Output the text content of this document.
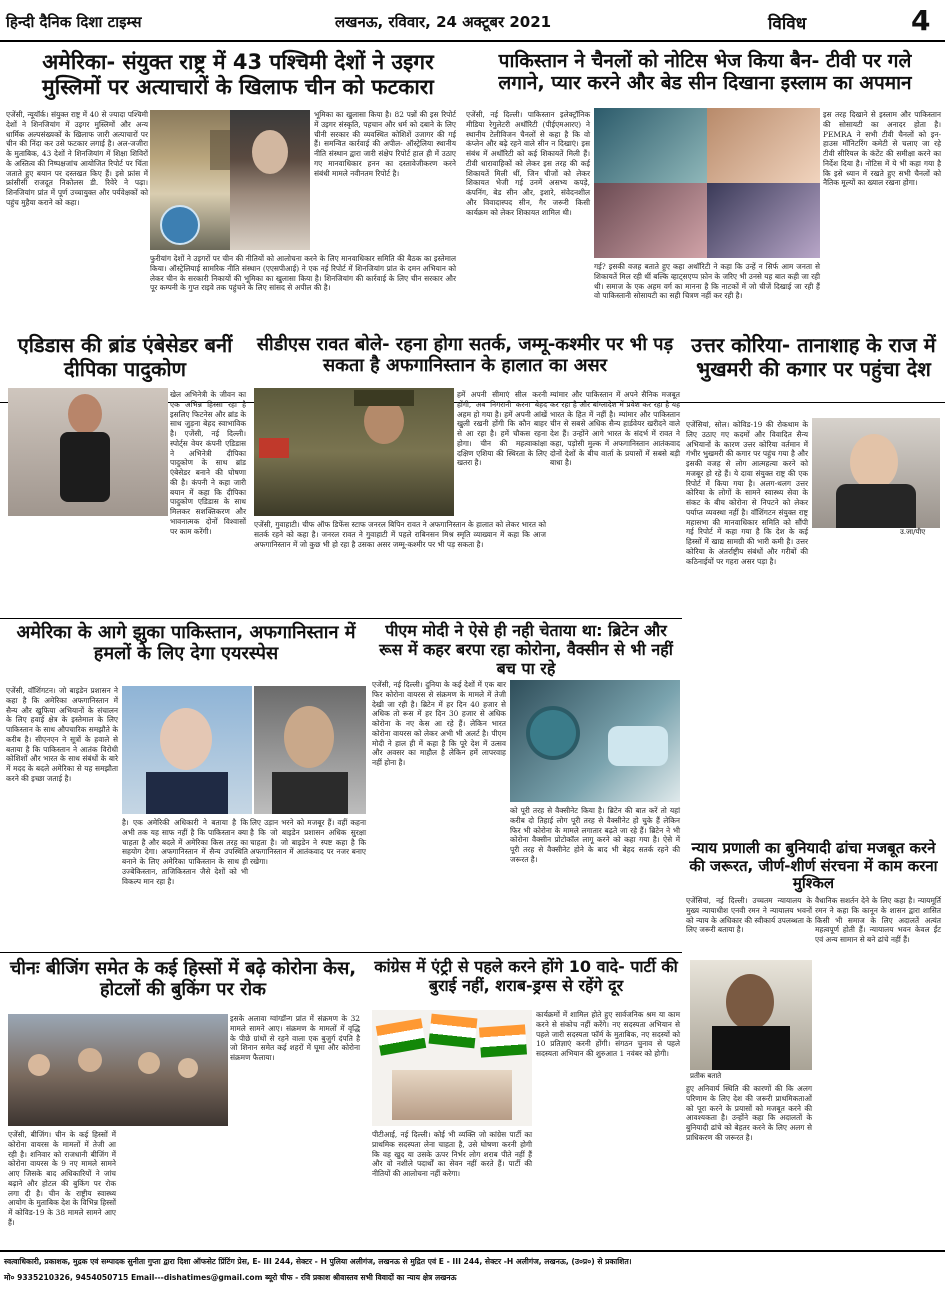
हिन्दी दैनिक दिशा टाइम्स	लखनऊ, रविवार, 24 अक्टूबर 2021	विविध	4
अमेरिका- संयुक्त राष्ट्र में 43 पश्चिमी देशों ने उइगर मुस्लिमों पर अत्याचारों के खिलाफ चीन को फटकारा
एजेंसी, न्यूयॉर्क। संयुक्त राष्ट्र में 40 से ज्यादा पश्चिमी देशों ने शिनजियांग में उइगर मुस्लिमों और अन्य धार्मिक अल्पसंख्यकों के खिलाफ जारी अत्याचारों पर चीन की निंदा कर उसे फटकार लगाई है। अल-जजीरा के मुताबिक, 43 देशों ने शिनजियांग में शिक्षा शिविरों के अस्तित्व की निष्पक्षजांच आयोजित रिपोर्ट पर चिंता जताते हुए बयान पर दस्तखत किए हैं। इसे फ्रांस में फ्रांसीसी राजदूत निकोलस डी. रिवेरे ने पढ़ा। शिनजियांग प्रांत में पूर्ण उच्चायुक्त और पर्यवेक्षकों को पहुंच मुहैया कराने को कहा।
भूमिका का खुलासा किया है। 82 पन्नों की इस रिपोर्ट में उइगर संस्कृति, पहचान और धर्म को दबाने के लिए चीनी सरकार की व्यवस्थित कोशिशें उजागर की गई हैं। समन्वित कार्रवाई की अपील- ऑस्ट्रेलिया स्थानीय नीति संस्थान द्वारा जारी संक्षेप रिपोर्ट हाल ही में उठाए गए मानवाधिकार हनन का दस्तावेजीकरण करने संबंधी मामले नवीनतम रिपोर्ट है।
फुरीयांग देशों ने उइगरों पर चीन की नीतियों को आलोचना करने के लिए मानवाधिकार समिति की बैठक का इस्तेमाल किया। ऑस्ट्रेलियाई सामरिक नीति संस्थान (एएसपीआई) ने एक नई रिपोर्ट में शिनजियांग प्रांत के दमन अभियान को लेकर चीन के सरकारी निकायों की भूमिका का खुलासा किया है। शिनजियांग की कार्रवाई के लिए चीन सरकार और पूर कम्पनी के गुप्त राइवे तक पहुंचने के लिए सांसद से अपील की है।
पाकिस्तान ने चैनलों को नोटिस भेज किया बैन- टीवी पर गले लगाने, प्यार करने और बेड सीन दिखाना इस्लाम का अपमान
एजेंसी, नई दिल्ली। पाकिस्तान इलेक्ट्रॉनिक मीडिया रेगुलेटरी अथॉरिटी (पीईएमआरए) ने स्थानीय टेलीविजन चैनलों से कहा है कि वो कंप्लेन और बढ़े रहने वाले सीन न दिखाएं। इस संबंध में अथॉरिटी को कई शिकायतें मिली हैं। टीवी धारावाहिकों को लेकर इस तरह की कई शिकायतें मिली थीं, जिन चीजों को लेकर शिकायत भेजी गई उनमें असभ्य कपड़े, कंपनिंग, बेड सीन और, इशारे, संवेदनशील और विवादास्पद सीन, गैर जरूरी किसी कार्यक्रम को लेकर शिकायत शामिल थी।
गई? इसकी वजह बताते हुए कहा अथॉरिटी ने कहा कि उन्हें न सिर्फ आम जनता से शिकायतें मिल रही थीं बल्कि व्हाट्सएप्प फ़ोन के जरिए भी उनसे यह बात कही जा रही थी। समाज के एक अहम वर्ग का मानना है कि नाटकों में जो चीजें दिखाई जा रही हैं वो पाकिस्तानी सोसायटी का सही चित्रण नहीं कर रही है।
इस तरह दिखाने से इस्लाम और पाकिस्तान की सोसायटी का अनादर होता है। PEMRA ने सभी टीवी चैनलों को इन-हाउस मॉनिटरिंग कमेटी से चलाए जा रहे टीवी सीरियल के कंटेंट की समीक्षा करने का निर्देश दिया है। नोटिस में ये भी कहा गया है कि इसे ध्यान में रखते हुए सभी चैनलों को नैतिक मूल्यों का ख्याल रखना होगा।
एडिडास की ब्रांड एंबेसेडर बनीं दीपिका पादुकोण
खेल अभिनेत्री के जीवन का एक अभिन्न हिस्सा रहा है इसलिए फिटनेस और ब्रांड के साथ जुड़ना बेहद स्वाभाविक है। एजेंसी, नई दिल्ली। स्पोर्ट्स वेयर कंपनी एडिडास ने अभिनेत्री दीपिका पादुकोण के साथ ब्रांड एंबेसेडर बनाने की घोषणा की है। कंपनी ने कहा जारी बयान में कहा कि दीपिका पादुकोण एडिडास के साथ मिलकर सशक्तिकरण और भावनात्मक दोनों विश्वासों पर काम करेंगी।
सीडीएस रावत बोले- रहना होगा सतर्क, जम्मू-कश्मीर पर भी पड़ सकता है अफगानिस्तान के हालात का असर
हमें अपनी सीमाएं सील करनी होंगी, अब निगरानी करना बेहद अहम हो गया है। हमें अपनी आंखें खुली रखनी होंगी कि कौन बाहर से आ रहा है। हमें चौकस रहना होगा। चीन की महत्वाकांक्षा दक्षिण एशिया की स्थिरता के लिए खतरा है।
म्यांमार और पाकिस्तान में अपने सैनिक मजबूत कर रहा है और बांग्लादेश में प्रवेश कर रहा है यह भारत के हित में नहीं है। म्यांमार और पाकिस्तान चीन से सबसे अधिक सैन्य हार्डवेयर खरीदने वाले देश हैं। उन्होंने आगे भारत के संदर्भ में रावत ने कहा, पड़ोसी मुल्क में अफगानिस्तान आतंकवाद दोनों देशों के बीच वार्ता के प्रयासों में सबसे बड़ी बाधा है।
एजेंसी, गुवाहाटी। चीफ ऑफ डिफेंस स्टाफ जनरल बिपिन रावत ने अफगानिस्तान के हालात को लेकर भारत को सतर्क रहने को कहा है। जनरल रावत ने गुवाहाटी में पहले राबिनसन मिश्र स्मृति व्याख्यान में कहा कि आज अफगानिस्तान में जो कुछ भी हो रहा है उसका असर जम्मू-कश्मीर पर भी पड़ सकता है।
उत्तर कोरिया- तानाशाह के राज में भुखमरी की कगार पर पहुंचा देश
उ.जा/पीए
एजेंसियां, सोल। कोविड-19 की रोकथाम के लिए उठाए गए कदमों और विवादित सैन्य अभियानों के कारण उत्तर कोरिया वर्तमान में गंभीर भुखमरी की कगार पर पहुंच गया है और इसकी वजह से लोग आत्महत्या करने को मजबूर हो रहे हैं। ये दावा संयुक्त राष्ट्र की एक रिपोर्ट में किया गया है। अलग-थलग उत्तर कोरिया के लोगों के सामने स्वास्थ्य सेवा के संकट के बीच कोरोना से निपटने को लेकर पर्याप्त व्यवस्था नहीं है। वॉशिंगटन संयुक्त राष्ट्र महासभा की मानवाधिकार समिति को सौंपी गई रिपोर्ट में कहा गया है कि देश के कई हिस्सों में खाद्य सामग्री की भारी कमी है। उत्तर कोरिया के अंतर्राष्ट्रीय संबंधों और गरीबों की कठिनाईयों पर गहरा असर पड़ा है।
अमेरिका के आगे झुका पाकिस्तान, अफगानिस्तान में हमलों के लिए देगा एयरस्पेस
एजेंसी, वॉशिंगटन। जो बाइडेन प्रशासन ने कहा है कि अमेरिका अफगानिस्तान में सैन्य और खुफिया अभियानों के संचालन के लिए हवाई क्षेत्र के इस्तेमाल के लिए पाकिस्तान के साथ औपचारिक समझौते के करीब है। सीएनएन ने सूत्रों के हवाले से बताया है कि पाकिस्तान ने आतंक विरोधी कोशिशों और भारत के साथ संबंधों के बारे में मदद के बदले अमेरिका से यह समझौता करने की इच्छा जताई है।
है। एक अमेरिकी अधिकारी ने बताया है कि अभी तक यह साफ नहीं है कि पाकिस्तान क्या चाहता है और बदले में अमेरिका किस तरह का सहयोग देगा। अफगानिस्तान में सैन्य उपस्थिति बनाने के लिए अमेरिका पाकिस्तान के साथ ही उज्बेकिस्तान, ताजिकिस्तान जैसे देशों को भी विकल्प मान रहा है।
लिए उड़ान भरने को मजबूर हैं। वहीं कहना है कि जो बाइडेन प्रशासन अधिक सुरक्षा चाहता है। जो बाइडेन ने स्पष्ट कहा है कि अफगानिस्तान में आतंकवाद पर नजर बनाए रखेगा।
पीएम मोदी ने ऐसे ही नही चेताया था: ब्रिटेन और रूस में कहर बरपा रहा कोरोना, वैक्सीन से भी नहीं बच पा रहे
एजेंसी, नई दिल्ली। दुनिया के कई देशों में एक बार फिर कोरोना वायरस से संक्रमण के मामले में तेजी देखी जा रही है। ब्रिटेन में हर दिन 40 हजार से अधिक तो रूस में हर दिन 30 हजार से अधिक कोरोना के नए केस आ रहे हैं। लेकिन भारत कोरोना वायरस को लेकर अभी भी अलर्ट है। पीएम मोदी ने हाल ही में कहा है कि पूरे देश में उत्सव और अवसर का माहौल है लेकिन हमें लापरवाह नहीं होना है।
को पूरी तरह से वैक्सीनेट किया है। ब्रिटेन की बात करें तो यहां करीब दो तिहाई लोग पूरी तरह से वैक्सीनेट हो चुके हैं लेकिन फिर भी कोरोना के मामले लगातार बढ़ते जा रहे हैं। ब्रिटेन ने भी कोरोना वैक्सीन प्रोटोकॉल लागू करने को कहा गया है। ऐसे में पूरी तरह से वैक्सीनेट होने के बाद भी बेहद सतर्क रहने की जरूरत है।
न्याय प्रणाली का बुनियादी ढांचा मजबूत करने की जरूरत, जीर्ण-शीर्ण संरचना में काम करना मुश्किल
एजेंसियां, नई दिल्ली। उच्चतम न्यायालय के मुख्य न्यायाधीश एनवी रमन ने न्यायालय भवनों को न्याय के अधिकार की स्वीकार्य उपलब्धता के लिए जरूरी बताया है।
वैधानिक सशर्तन देने के लिए कहा है। न्यायमूर्ति रमन ने कहा कि कानून के शासन द्वारा शासित किसी भी समाज के लिए अदालतें अत्यंत महत्वपूर्ण होती हैं। न्यायालय भवन केवल ईंट एवं अन्य सामान से बने ढांचे नहीं हैं।
प्रतीक बताते
हुए अनिवार्य स्थिति की कारणों की कि अलग परिणाम के लिए देश की जरूरी प्राथमिकताओं को पूरा करने के प्रयासों को मजबूत करने की आवश्यकता है। उन्होंने कहा कि अदालतों के बुनियादी ढांचे को बेहतर करने के लिए अलग से प्राधिकरण की जरूरत है।
चीनः बीजिंग समेत के कई हिस्सों में बढ़े कोरोना केस, होटलों की बुकिंग पर रोक
एजेंसी, बीजिंग। चीन के कई हिस्सों में कोरोना वायरस के मामलों में तेजी आ रही है। शनिवार को राजधानी बीजिंग में कोरोना वायरस के 9 नए मामले सामने आए जिसके बाद अधिकारियों ने जांच बढ़ाने और होटल की बुकिंग पर रोक लगा दी है। चीन के राष्ट्रीय स्वास्थ्य आयोग के मुताबिक देश के विभिन्न हिस्सों में कोविड-19 के 38 मामले सामने आए हैं।
इसके अलावा ग्वांग्डॉन्ग प्रांत में संक्रमण के 32 मामले सामने आए। संक्रमण के मामलों में वृद्धि के पीछे ग्रांथों से रहने वाला एक बुजुर्ग दंपति है जो शिनान समेत कई शहरों में घूमा और कोरोना संक्रमण फैलाया।
कांग्रेस में एंट्री से पहले करने होंगे 10 वादे- पार्टी की बुराई नहीं, शराब-ड्रग्स से रहेंगे दूर
पीटीआई, नई दिल्ली। कोई भी व्यक्ति जो कांग्रेस पार्टी का प्राथमिक सदस्यता लेना चाहता है, उसे घोषणा करनी होगी कि वह खुद या उसके ऊपर निर्भर लोग शराब पीते नहीं हैं और वो नशीले पदार्थों का सेवन नहीं करते हैं। पार्टी की नीतियों की आलोचना नहीं करेगा।
कार्यक्रमों में शामिल होते हुए सार्वजनिक श्रम या काम करने से संकोच नहीं करेंगे। नए सदस्यता अभियान से पहले जारी सदस्यता फॉर्म के मुताबिक, नए सदस्यों को 10 प्रतिज्ञाएं करनी होंगी। संगठन चुनाव से पहले सदस्यता अभियान की शुरुआत 1 नवंबर को होगी।
स्वत्वाधिकारी, प्रकाशक, मुद्रक एवं सम्पादक सुनीता गुप्ता द्वारा दिशा ऑफसेट प्रिंटिंग प्रेस, E- III 244, सेक्टर - H पुलिया अलीगंज, लखनऊ से मुद्रित एवं E - III 244, सेक्टर -H अलीगंज, लखनऊ, (उ०प्र०) से प्रकाशित।
मो० 9335210326, 9454050715 Email---dishatimes@gmail.com ब्यूरो चीफ - रवि प्रकाश श्रीवास्तव सभी विवादों का न्याय क्षेत्र लखनऊ
